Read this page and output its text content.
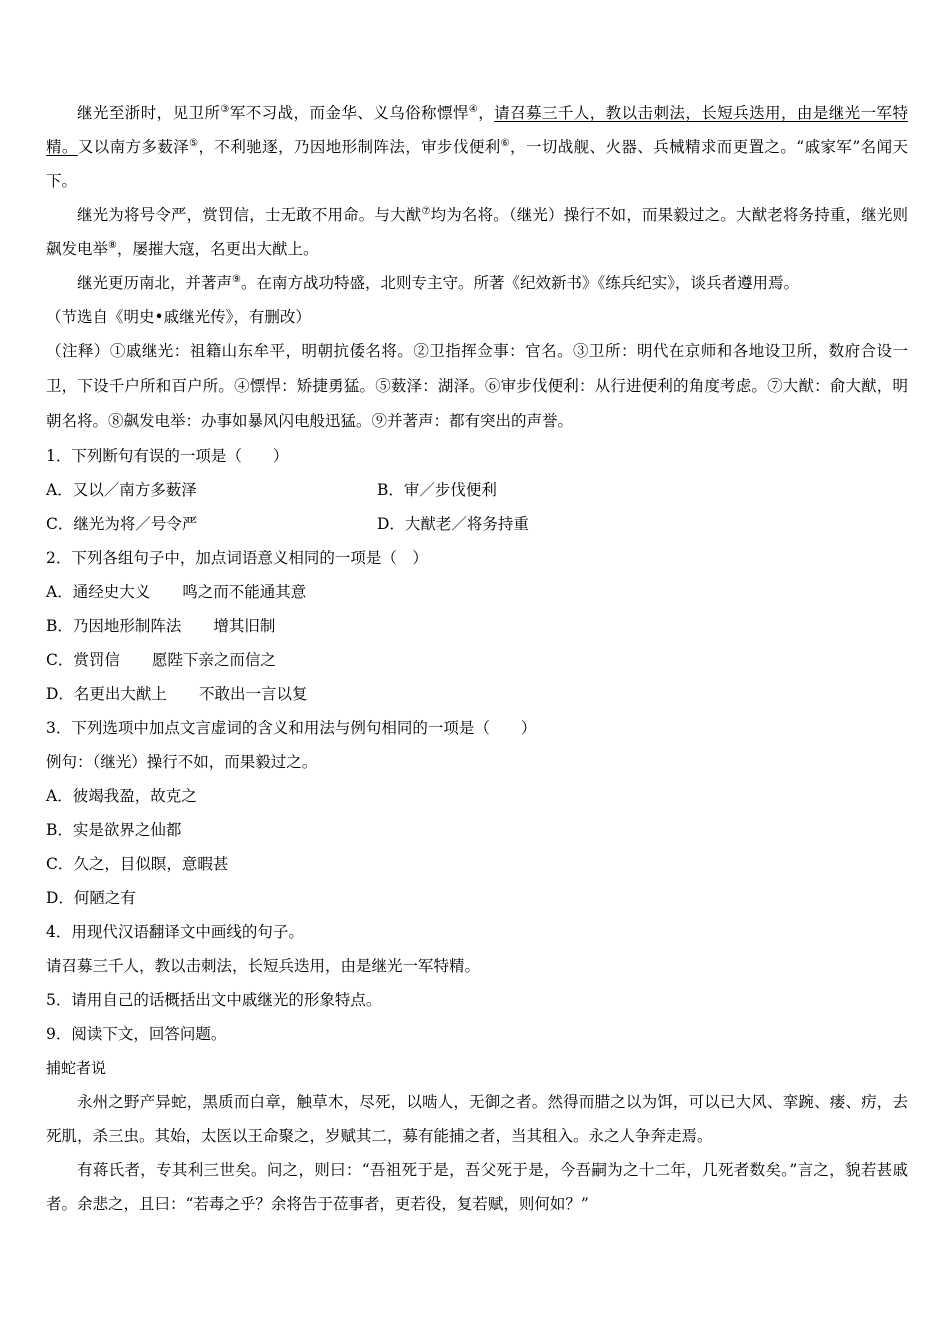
继光至浙时，见卫所③军不习战，而金华、义乌俗称慓悍④，请召募三千人，教以击刺法，长短兵迭用，由是继光一军特精。又以南方多薮泽⑤，不利驰逐，乃因地形制阵法，审步伐便利⑥，一切战舰、火器、兵械精求而更置之。“戚家军”名闻天下。

继光为将号令严，赏罚信，士无敢不用命。与大猷⑦均为名将。（继光）操行不如，而果毅过之。大猷老将务持重，继光则飙发电举⑧，屡摧大寇，名更出大猷上。

继光更历南北，并著声⑨。在南方战功特盛，北则专主守。所著《纪效新书》《练兵纪实》，谈兵者遵用焉。

（节选自《明史•戚继光传》，有删改）

（注释）①戚继光：祖籍山东牟平，明朝抗倭名将。②卫指挥佥事：官名。③卫所：明代在京师和各地设卫所，数府合设一卫，下设千户所和百户所。④慓悍：矫捷勇猛。⑤薮泽：湖泽。⑥审步伐便利：从行进便利的角度考虑。⑦大猷：俞大猷，明朝名将。⑧飙发电举：办事如暴风闪电般迅猛。⑨并著声：都有突出的声誉。

1．下列断句有误的一项是（　　）

A．又以／南方多薮泽	B．审／步伐便利
C．继光为将／号令严	D．大猷老／将务持重

2．下列各组句子中，加点词语意义相同的一项是（　）

A．通经史大义 鸣之而不能通其意

B．乃因地形制阵法 增其旧制

C．赏罚信 愿陛下亲之而信之

D．名更出大猷上 不敢出一言以复

3．下列选项中加点文言虚词的含义和用法与例句相同的一项是（　　）

例句：（继光）操行不如，而果毅过之。

A．彼竭我盈，故克之

B．实是欲界之仙都

C．久之，目似瞑，意暇甚

D．何陋之有

4．用现代汉语翻译文中画线的句子。

请召募三千人，教以击刺法，长短兵迭用，由是继光一军特精。

5．请用自己的话概括出文中戚继光的形象特点。

9．阅读下文，回答问题。

捕蛇者说

永州之野产异蛇，黑质而白章，触草木，尽死，以啮人，无御之者。然得而腊之以为饵，可以已大风、挛踠、瘘、疠，去死肌，杀三虫。其始，太医以王命聚之，岁赋其二，募有能捕之者，当其租入。永之人争奔走焉。

有蒋氏者，专其利三世矣。问之，则曰：“吾祖死于是，吾父死于是，今吾嗣为之十二年，几死者数矣。”言之，貌若甚戚者。余悲之，且曰：“若毒之乎？余将告于莅事者，更若役，复若赋，则何如？”
